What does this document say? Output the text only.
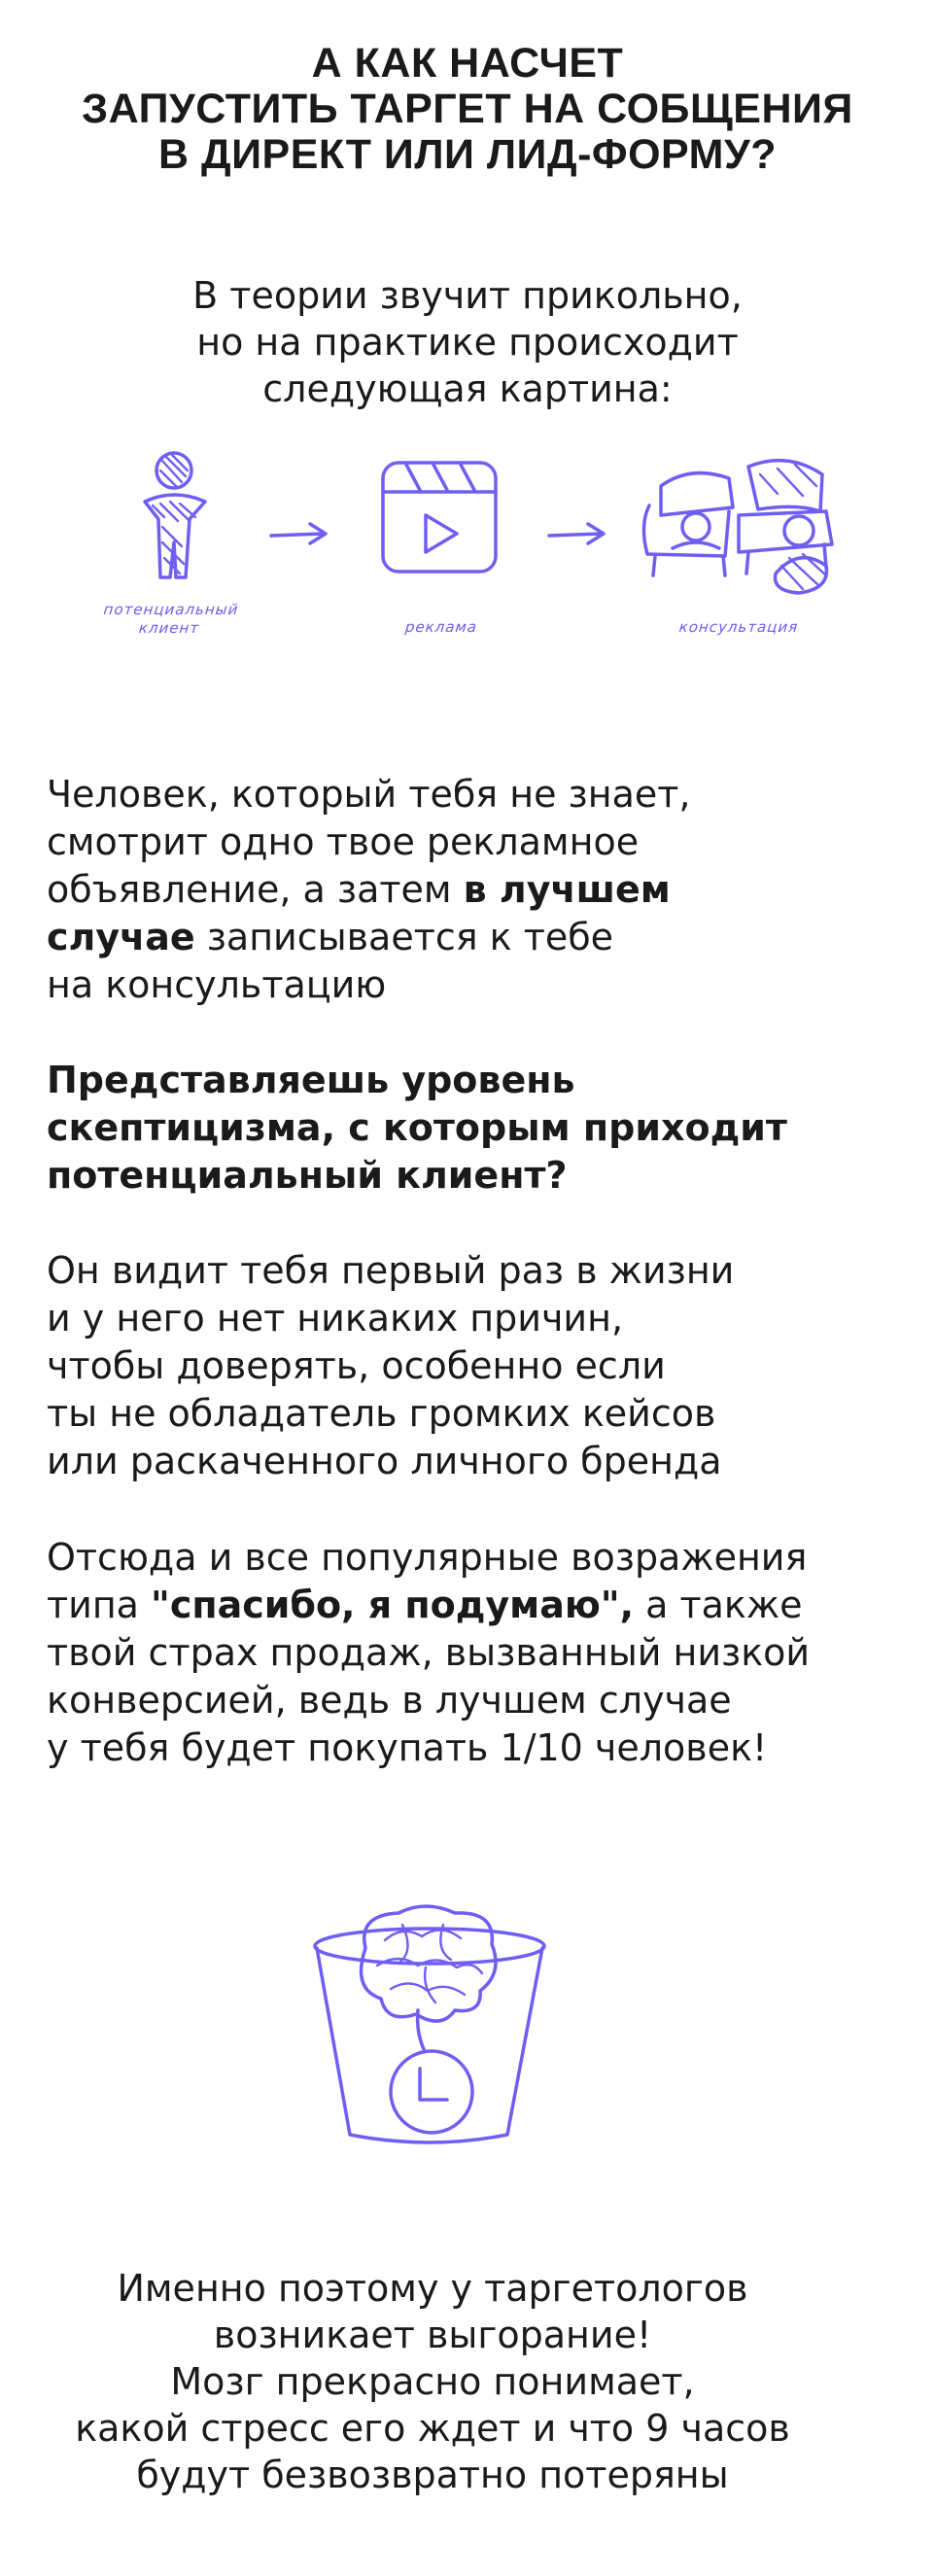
А КАК НАСЧЕТ
ЗАПУСТИТЬ ТАРГЕТ НА СОБЩЕНИЯ
В ДИРЕКТ ИЛИ ЛИД-ФОРМУ?
В теории звучит прикольно,
но на практике происходит
следующая картина:
потенциальный
клиент	реклама	консультация
Человек, который тебя не знает,
смотрит одно твое рекламное
объявление, а затем в лучшем
случае записывается к тебе
на консультацию
Представляешь уровень
скептицизма, с которым приходит
потенциальный клиент?
Он видит тебя первый раз в жизни
и у него нет никаких причин,
чтобы доверять, особенно если
ты не обладатель громких кейсов
или раскаченного личного бренда
Отсюда и все популярные возражения
типа "спасибо, я подумаю", а также
твой страх продаж, вызванный низкой
конверсией, ведь в лучшем случае
у тебя будет покупать 1/10 человек!
Именно поэтому у таргетологов
возникает выгорание!
Мозг прекрасно понимает,
какой стресс его ждет и что 9 часов
будут безвозвратно потеряны
